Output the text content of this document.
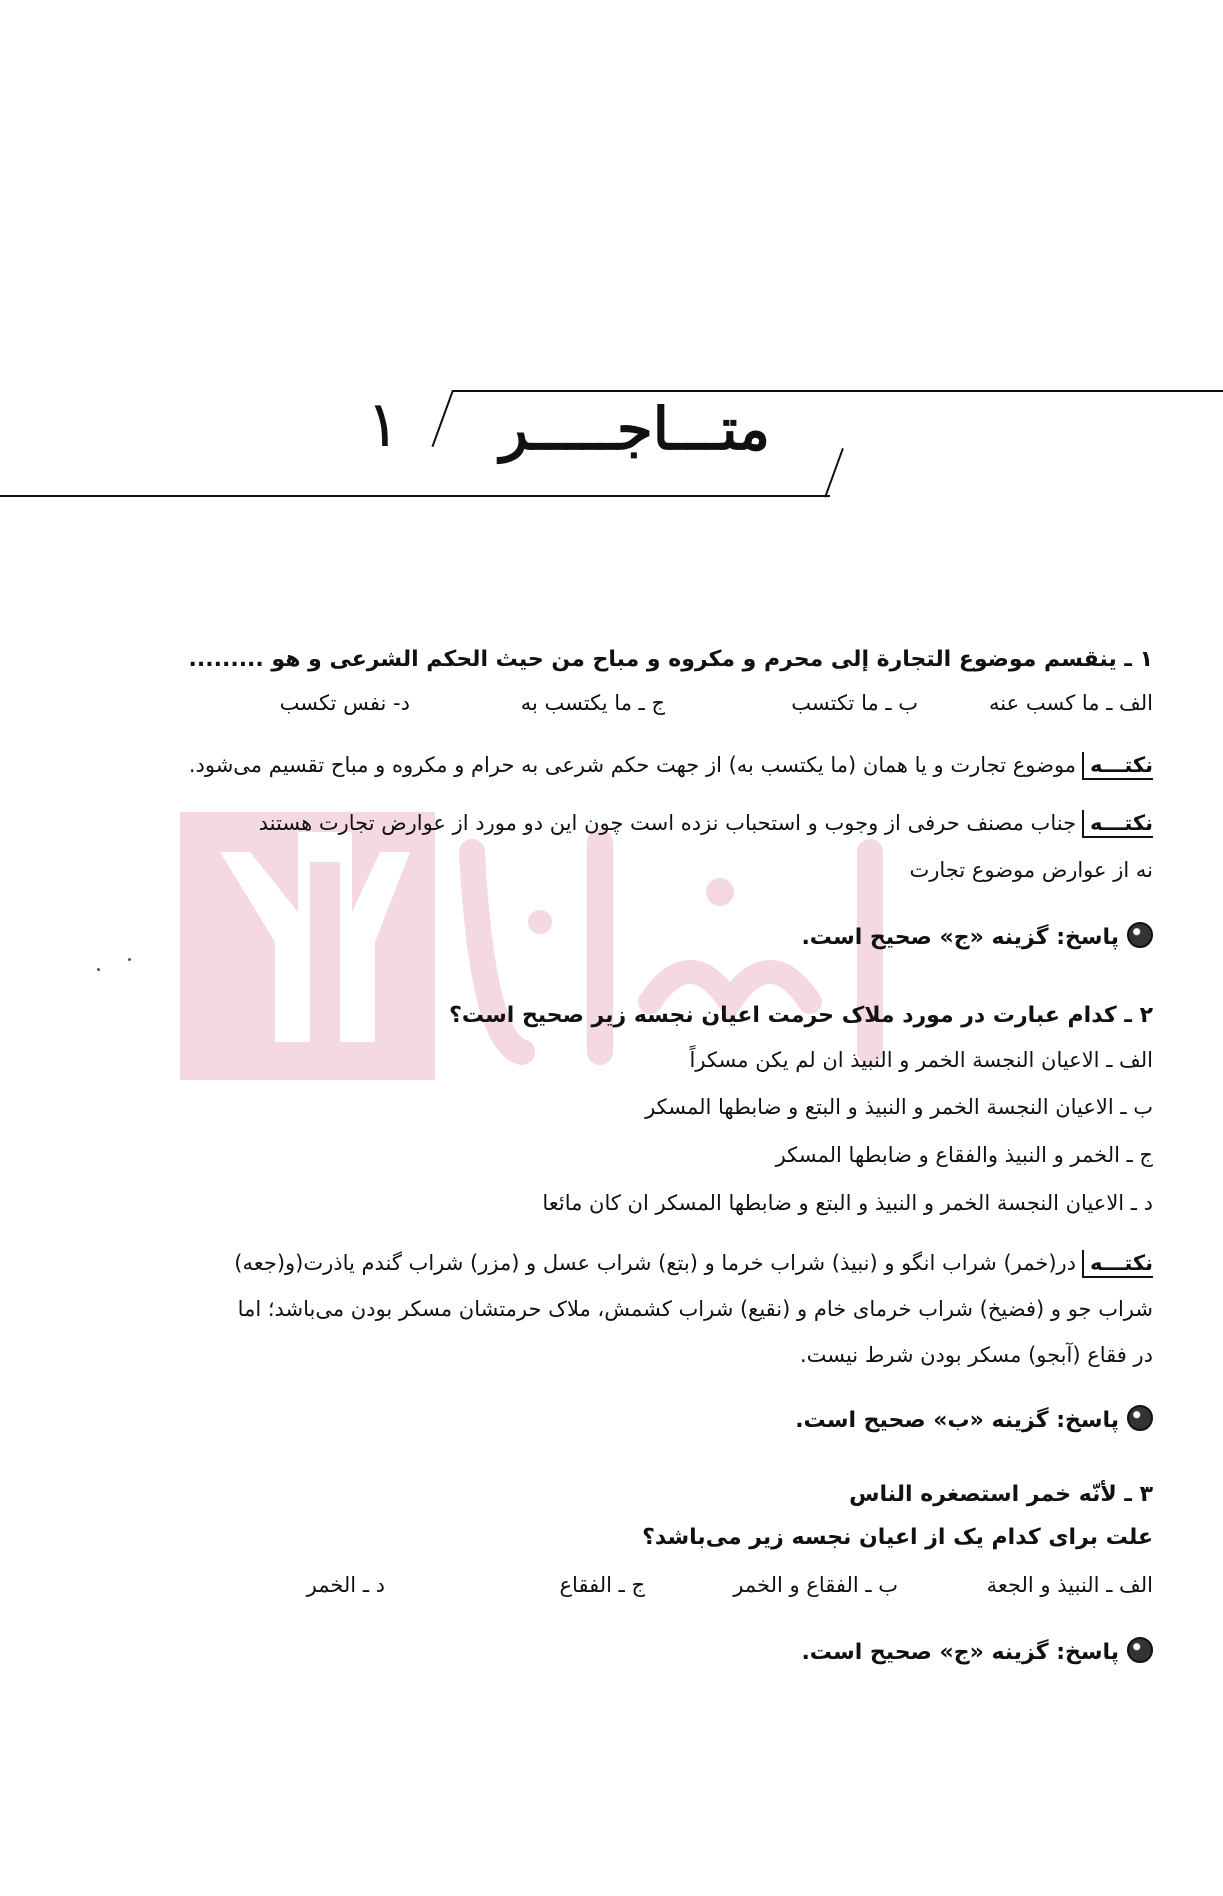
متـــاجـــــر
۱
۱ ـ ینقسم موضوع التجارة إلی محرم و مکروه و مباح من حیث الحکم الشرعی و هو .........
الف ـ ما کسب عنه
ب ـ ما تکتسب
ج ـ ما یکتسب به
د- نفس تکسب
نکتـــهموضوع تجارت و یا همان (ما یکتسب به) از جهت حکم شرعی به حرام و مکروه و مباح تقسیم می‌شود.
نکتـــهجناب مصنف حرفی از وجوب و استحباب نزده است چون این دو مورد از عوارض تجارت هستند
نه از عوارض موضوع تجارت
پاسخ: گزینه «ج» صحیح است.
۲ ـ کدام عبارت در مورد ملاک حرمت اعیان نجسه زیر صحیح است؟
الف ـ الاعیان النجسة الخمر و النبیذ ان لم یکن مسکراً
ب ـ الاعیان النجسة الخمر و النبیذ و البتع و ضابطها المسکر
ج ـ الخمر و النبیذ والفقاع و ضابطها المسکر
د ـ الاعیان النجسة الخمر و النبیذ و البتع و ضابطها المسکر ان کان مائعا
نکتـــهدر(خمر) شراب انگو و (نبیذ) شراب خرما و (بتع) شراب عسل و (مزر) شراب گندم یاذرت(و(جعه)
شراب جو و (فضیخ) شراب خرمای خام و (نقیع) شراب کشمش، ملاک حرمتشان مسکر بودن می‌باشد؛ اما
در فقاع (آبجو) مسکر بودن شرط نیست.
پاسخ: گزینه «ب» صحیح است.
۳ ـ لأنّه خمر استصغره الناس
علت برای کدام یک از اعیان نجسه زیر می‌باشد؟
الف ـ النبیذ و الجعة
ب ـ الفقاع و الخمر
ج ـ الفقاع
د ـ الخمر
پاسخ: گزینه «ج» صحیح است.
